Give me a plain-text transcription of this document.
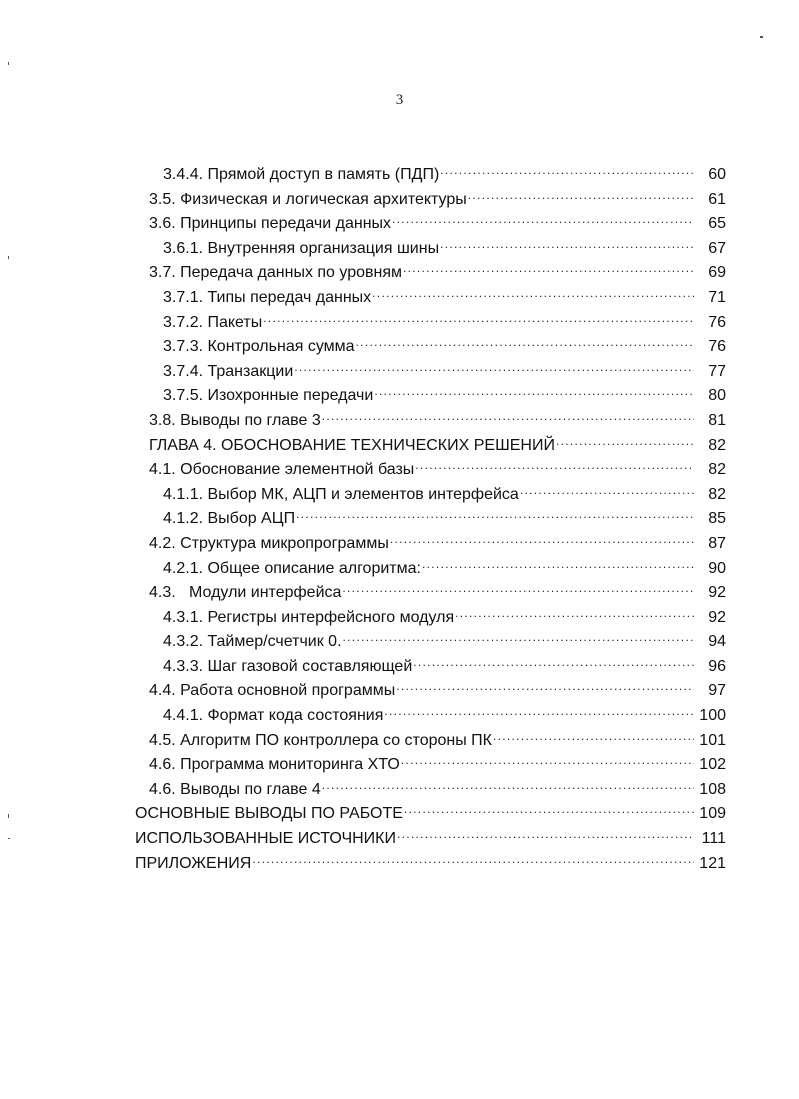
3
3.4.4. Прямой доступ в память (ПДП) .....	60
3.5. Физическая и логическая архитектуры .....	61
3.6. Принципы передачи данных .....	65
3.6.1. Внутренняя организация шины .....	67
3.7. Передача данных по уровням .....	69
3.7.1. Типы передач данных .....	71
3.7.2. Пакеты .....	76
3.7.3. Контрольная сумма .....	76
3.7.4. Транзакции .....	77
3.7.5. Изохронные передачи .....	80
3.8. Выводы по главе 3 .....	81
ГЛАВА 4. ОБОСНОВАНИЕ ТЕХНИЧЕСКИХ РЕШЕНИЙ .....	82
4.1. Обоснование элементной базы .....	82
4.1.1. Выбор МК, АЦП и элементов интерфейса .....	82
4.1.2. Выбор АЦП .....	85
4.2. Структура микропрограммы .....	87
4.2.1. Общее описание алгоритма: .....	90
4.3.   Модули интерфейса .....	92
4.3.1. Регистры интерфейсного модуля .....	92
4.3.2. Таймер/счетчик 0. .....	94
4.3.3. Шаг газовой составляющей .....	96
4.4. Работа основной программы .....	97
4.4.1. Формат кода состояния .....	100
4.5. Алгоритм ПО контроллера со стороны ПК .....	101
4.6. Программа мониторинга ХТО .....	102
4.6. Выводы по главе 4 .....	108
ОСНОВНЫЕ ВЫВОДЫ ПО РАБОТЕ .....	109
ИСПОЛЬЗОВАННЫЕ ИСТОЧНИКИ .....	111
ПРИЛОЖЕНИЯ .....	121
